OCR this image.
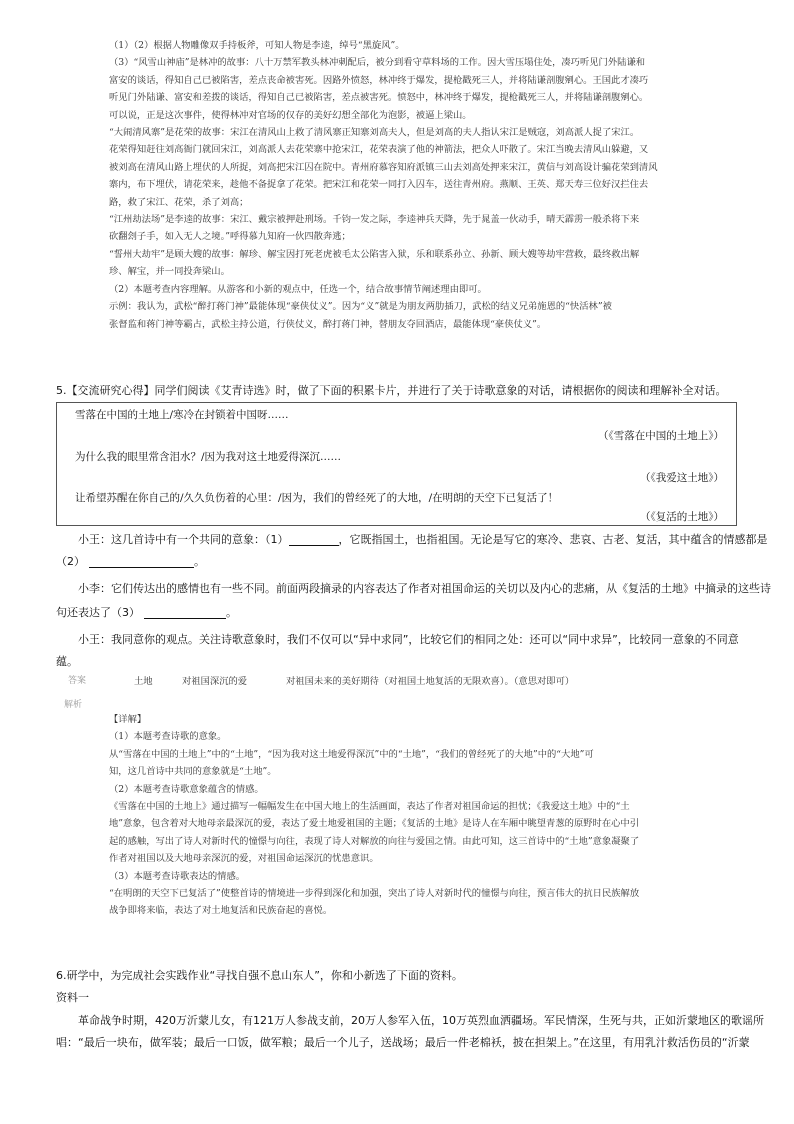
（1）（2）根据人物雕像双手持板斧，可知人物是李逵，绰号“黑旋风”。

（3）“风雪山神庙”是林冲的故事：八十万禁军教头林冲刺配后，被分到看守草料场的工作。因大雪压塌住处，凑巧听见门外陆谦和

富安的谈话，得知自己已被陷害，差点丧命被害死。因路外愤怒，林冲终于爆发，提枪戳死三人，并将陆谦剖腹剜心。王国此才凑巧

听见门外陆谦、富安和差拨的谈话，得知自己已被陷害，差点被害死。愤怒中，林冲终于爆发，提枪戳死三人，并将陆谦剖腹剜心。

可以说，正是这次事件，使得林冲对官场的仅存的美好幻想全部化为泡影，被逼上梁山。

“大闹清风寨”是花荣的故事：宋江在清风山上救了清风寨正知寨刘高夫人，但是刘高的夫人指认宋江是贼寇，刘高派人捉了宋江。

花荣得知赶往刘高衙门就回宋江，刘高派人去花荣寨中抢宋江，花荣表演了他的神箭法，把众人吓散了。宋江当晚去清风山躲避，又

被刘高在清风山路上埋伏的人所捉，刘高把宋江囚在院中。青州府慕容知府派镇三山去刘高处押来宋江，黄信与刘高设计骗花荣到清风

寨内，布下埋伏，请花荣来，趁他不备捉拿了花荣。把宋江和花荣一同打入囚车，送往青州府。燕顺、王英、郑天寿三位好汉拦住去

路，救了宋江、花荣，杀了刘高；

“江州劫法场”是李逵的故事：宋江、戴宗被押赴刑场。千钧一发之际，李逵神兵天降，先于晁盖一伙动手，晴天霹雳一般杀将下来

砍翻刽子手，如入无人之境。”呼得慕九知府一伙四散奔逃；

“誓州大劫牢”是顾大嫂的故事：解珍、解宝因打死老虎被毛太公陷害入狱，乐和联系孙立、孙新、顾大嫂等劫牢营救，最终救出解

珍、解宝，并一同投奔梁山。

（2）本题考查内容理解。从游客和小新的观点中，任选一个，结合故事情节阐述理由即可。

示例：我认为，武松“醉打蒋门神”最能体现“豪侠仗义”。因为“义”就是为朋友两肋插刀，武松的结义兄弟施恩的“快活林”被

张督监和蒋门神等霸占，武松主持公道，行侠仗义，醉打蒋门神，替朋友夺回酒店，最能体现“豪侠仗义”。

5.【交流研究心得】同学们阅读《艾青诗选》时，做了下面的积累卡片，并进行了关于诗歌意象的对话，请根据你的阅读和理解补全对话。
雪落在中国的土地上/寒冷在封锁着中国呀……
（《雪落在中国的土地上》）
为什么我的眼里常含泪水？/因为我对这土地爱得深沉……
（《我爱这土地》）
让希望苏醒在你自己的/久久负伤着的心里：/因为，我们的曾经死了的大地，/在明朗的天空下已复活了！
（《复活的土地》）

小王：这几首诗中有一个共同的意象：（1）	，它既指国土，也指祖国。无论是写它的寒冷、悲哀、古老、复活，其中蕴含的情感都是

（2）	。

小李：它们传达出的感情也有一些不同。前面两段摘录的内容表达了作者对祖国命运的关切以及内心的悲痛，从《复活的土地》中摘录的这些诗

句还表达了（3）	。

小王：我同意你的观点。关注诗歌意象时，我们不仅可以“异中求同”，比较它们的相同之处：还可以“同中求异”，比较同一意象的不同意

蕴。

答案	土地	对祖国深沉的爱	对祖国未来的美好期待（对祖国土地复活的无限欢喜）。（意思对即可）
解析

【详解】

（1）本题考查诗歌的意象。

从“雪落在中国的土地上”中的“土地”，“因为我对这土地爱得深沉”中的“土地”，“我们的曾经死了的大地”中的“大地”可

知，这几首诗中共同的意象就是“土地”。

（2）本题考查诗歌意象蕴含的情感。

《雪落在中国的土地上》通过描写一幅幅发生在中国大地上的生活画面，表达了作者对祖国命运的担忧；《我爱这土地》中的“土

地”意象，包含着对大地母亲最深沉的爱，表达了爱土地爱祖国的主题；《复活的土地》是诗人在车厢中眺望青葱的原野时在心中引

起的感触，写出了诗人对新时代的憧憬与向往，表现了诗人对解放的向往与爱国之情。由此可知，这三首诗中的“土地”意象凝聚了

作者对祖国以及大地母亲深沉的爱，对祖国命运深沉的忧患意识。

（3）本题考查诗歌表达的情感。

“在明朗的天空下已复活了”使整首诗的情境进一步得到深化和加强，突出了诗人对新时代的憧憬与向往，预言伟大的抗日民族解放

战争即将来临，表达了对土地复活和民族奋起的喜悦。

6.研学中，为完成社会实践作业“寻找自强不息山东人”，你和小新选了下面的资料。
资料一

革命战争时期，420万沂蒙儿女，有121万人参战支前，20万人参军入伍，10万英烈血洒疆场。军民情深，生死与共，正如沂蒙地区的歌谣所

唱：“最后一块布，做军装；最后一口饭，做军粮；最后一个儿子，送战场；最后一件老棉袄，披在担架上。”在这里，有用乳汁救活伤员的“沂蒙
